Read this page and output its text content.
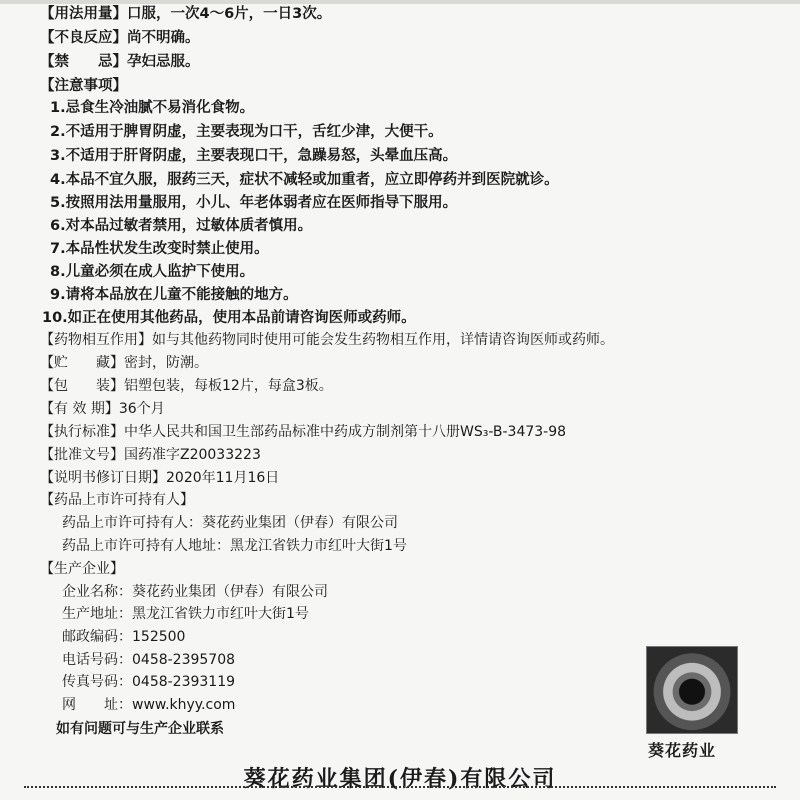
【用法用量】口服，一次4～6片，一日3次。
【不良反应】尚不明确。
【禁　　忌】孕妇忌服。
【注意事项】
1.忌食生冷油腻不易消化食物。
2.不适用于脾胃阴虚，主要表现为口干，舌红少津，大便干。
3.不适用于肝肾阴虚，主要表现口干，急躁易怒，头晕血压高。
4.本品不宜久服，服药三天，症状不减轻或加重者，应立即停药并到医院就诊。
5.按照用法用量服用，小儿、年老体弱者应在医师指导下服用。
6.对本品过敏者禁用，过敏体质者慎用。
7.本品性状发生改变时禁止使用。
8.儿童必须在成人监护下使用。
9.请将本品放在儿童不能接触的地方。
10.如正在使用其他药品，使用本品前请咨询医师或药师。
【药物相互作用】如与其他药物同时使用可能会发生药物相互作用，详情请咨询医师或药师。
【贮　　藏】密封，防潮。
【包　　装】铝塑包装，每板12片，每盒3板。
【有 效 期】36个月
【执行标准】中华人民共和国卫生部药品标准中药成方制剂第十八册WS₃-B-3473-98
【批准文号】国药准字Z20033223
【说明书修订日期】2020年11月16日
【药品上市许可持有人】
药品上市许可持有人：葵花药业集团（伊春）有限公司
药品上市许可持有人地址：黑龙江省铁力市红叶大街1号
【生产企业】
企业名称：葵花药业集团（伊春）有限公司
生产地址：黑龙江省铁力市红叶大街1号
邮政编码：152500
电话号码：0458-2395708
传真号码：0458-2393119
网　　址：www.khyy.com
如有问题可与生产企业联系
葵花药业
葵花药业集团(伊春)有限公司
